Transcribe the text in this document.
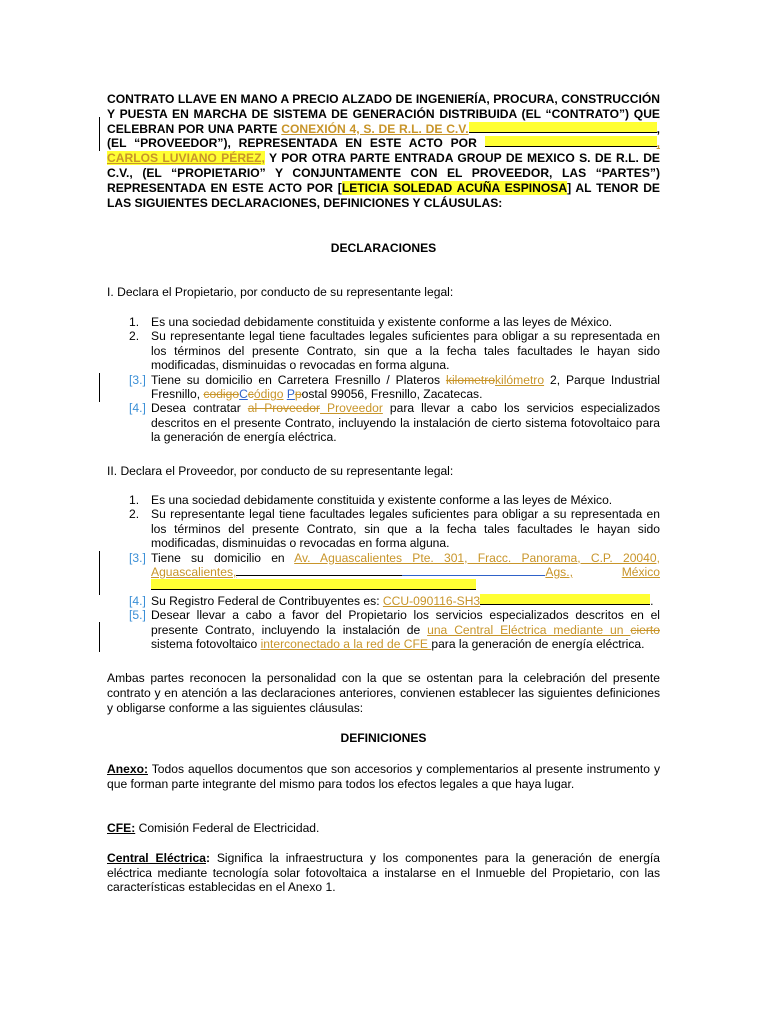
CONTRATO LLAVE EN MANO A PRECIO ALZADO DE INGENIERÍA, PROCURA, CONSTRUCCIÓN Y PUESTA EN MARCHA DE SISTEMA DE GENERACIÓN DISTRIBUIDA (EL “CONTRATO”) QUE CELEBRAN POR UNA PARTE CONEXIÓN 4, S. DE R.L. DE C.V.	, (EL “PROVEEDOR”), REPRESENTADA EN ESTE ACTO POR	, CARLOS LUVIANO PÉREZ, Y POR OTRA PARTE ENTRADA GROUP DE MEXICO S. DE R.L. DE C.V., (EL “PROPIETARIO” Y CONJUNTAMENTE CON EL PROVEEDOR, LAS “PARTES”) REPRESENTADA EN ESTE ACTO POR [LETICIA SOLEDAD ACUÑA ESPINOSA] AL TENOR DE LAS SIGUIENTES DECLARACIONES, DEFINICIONES Y CLÁUSULAS:

DECLARACIONES

I. Declara el Propietario, por conducto de su representante legal:

1. Es una sociedad debidamente constituida y existente conforme a las leyes de México.
2. Su representante legal tiene facultades legales suficientes para obligar a su representada en los términos del presente Contrato, sin que a la fecha tales facultades le hayan sido modificadas, disminuidas o revocadas en forma alguna.
[3.] Tiene su domicilio en Carretera Fresnillo / Plateros kilometrokilómetro 2, Parque Industrial Fresnillo, codigoCcódigo Ppostal 99056, Fresnillo, Zacatecas.
[4.] Desea contratar al Proveedor Proveedor para llevar a cabo los servicios especializados descritos en el presente Contrato, incluyendo la instalación de cierto sistema fotovoltaico para la generación de energía eléctrica.

II. Declara el Proveedor, por conducto de su representante legal:

1. Es una sociedad debidamente constituida y existente conforme a las leyes de México.
2. Su representante legal tiene facultades legales suficientes para obligar a su representada en los términos del presente Contrato, sin que a la fecha tales facultades le hayan sido modificadas, disminuidas o revocadas en forma alguna.
[3.] Tiene su domicilio en Av. Aguascalientes Pte. 301, Fracc. Panorama, C.P. 20040, Aguascalientes,	Ags.,	México
[4.] Su Registro Federal de Contribuyentes es: CCU-090116-SH3	.
[5.] Desear llevar a cabo a favor del Propietario los servicios especializados descritos en el presente Contrato, incluyendo la instalación de una Central Eléctrica mediante un cierto sistema fotovoltaico interconectado a la red de CFE para la generación de energía eléctrica.

Ambas partes reconocen la personalidad con la que se ostentan para la celebración del presente contrato y en atención a las declaraciones anteriores, convienen establecer las siguientes definiciones y obligarse conforme a las siguientes cláusulas:

DEFINICIONES

Anexo: Todos aquellos documentos que son accesorios y complementarios al presente instrumento y que forman parte integrante del mismo para todos los efectos legales a que haya lugar.

CFE: Comisión Federal de Electricidad.

Central Eléctrica: Significa la infraestructura y los componentes para la generación de energía eléctrica mediante tecnología solar fotovoltaica a instalarse en el Inmueble del Propietario, con las características establecidas en el Anexo 1.
